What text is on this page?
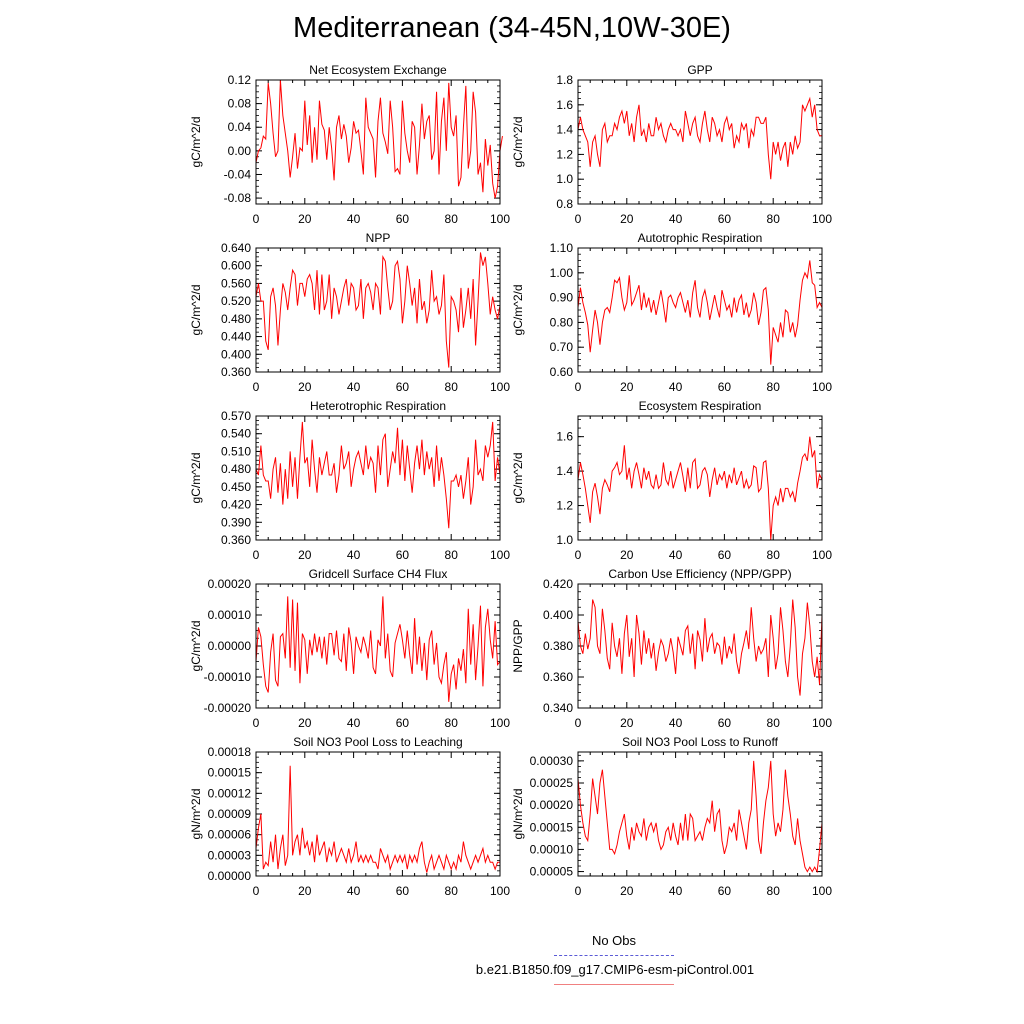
Mediterranean (34-45N,10W-30E)
Net Ecosystem Exchange
gC/m^2/d
0	20	40	60	80	100
-0.08
-0.04
0.00
0.04
0.08
0.12
GPP
gC/m^2/d
0	20	40	60	80	100
0.8
1.0
1.2
1.4
1.6
1.8
NPP
gC/m^2/d
0	20	40	60	80	100
0.360
0.400
0.440
0.480
0.520
0.560
0.600
0.640
Autotrophic Respiration
gC/m^2/d
0	20	40	60	80	100
0.60
0.70
0.80
0.90
1.00
1.10
Heterotrophic Respiration
gC/m^2/d
0	20	40	60	80	100
0.360
0.390
0.420
0.450
0.480
0.510
0.540
0.570
Ecosystem Respiration
gC/m^2/d
0	20	40	60	80	100
1.0
1.2
1.4
1.6
Gridcell Surface CH4 Flux
gC/m^2/d
0	20	40	60	80	100
-0.00020
-0.00010
0.00000
0.00010
0.00020
Carbon Use Efficiency (NPP/GPP)
NPP/GPP
0	20	40	60	80	100
0.340
0.360
0.380
0.400
0.420
Soil NO3 Pool Loss to Leaching
gN/m^2/d
0	20	40	60	80	100
0.00000
0.00003
0.00006
0.00009
0.00012
0.00015
0.00018
Soil NO3 Pool Loss to Runoff
gN/m^2/d
0	20	40	60	80	100
0.00005
0.00010
0.00015
0.00020
0.00025
0.00030
No Obs
b.e21.B1850.f09_g17.CMIP6-esm-piControl.001
